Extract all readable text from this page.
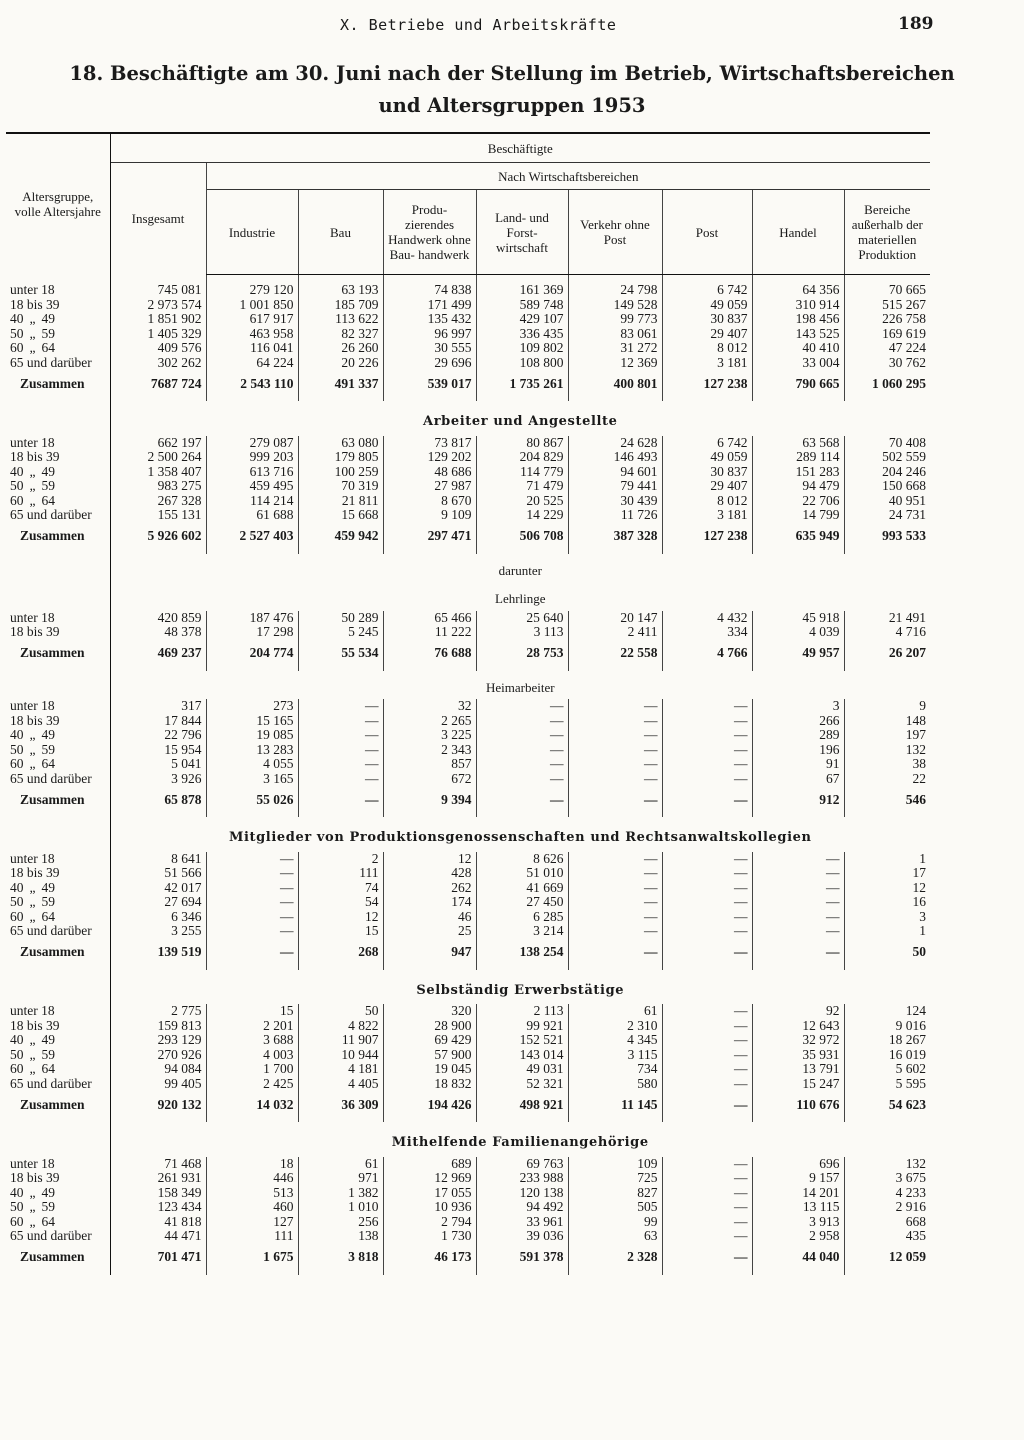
X. Betriebe und Arbeitskräfte	189
18. Beschäftigte am 30. Juni nach der Stellung im Betrieb, Wirtschaftsbereichen
und Altersgruppen 1953
Altersgruppe, volle Altersjahre	Beschäftigte								
	Insgesamt	Nach Wirtschaftsbereichen							
		Industrie	Bau	Produ- zierendes Handwerk ohne Bau- handwerk	Land- und Forst- wirtschaft	Verkehr ohne Post	Post	Handel	Bereiche außerhalb der materiellen Produktion

unter 18	745 081	279 120	63 193	74 838	161 369	24 798	6 742	64 356	70 665
18 bis 39	2 973 574	1 001 850	185 709	171 499	589 748	149 528	49 059	310 914	515 267
40 „ 49	1 851 902	617 917	113 622	135 432	429 107	99 773	30 837	198 456	226 758
50 „ 59	1 405 329	463 958	82 327	96 997	336 435	83 061	29 407	143 525	169 619
60 „ 64	409 576	116 041	26 260	30 555	109 802	31 272	8 012	40 410	47 224
65 und darüber	302 262	64 224	20 226	29 696	108 800	12 369	3 181	33 004	30 762
Zusammen	7687 724	2 543 110	491 337	539 017	1 735 261	400 801	127 238	790 665	1 060 295
	Arbeiter und Angestellte								
unter 18	662 197	279 087	63 080	73 817	80 867	24 628	6 742	63 568	70 408
18 bis 39	2 500 264	999 203	179 805	129 202	204 829	146 493	49 059	289 114	502 559
40 „ 49	1 358 407	613 716	100 259	48 686	114 779	94 601	30 837	151 283	204 246
50 „ 59	983 275	459 495	70 319	27 987	71 479	79 441	29 407	94 479	150 668
60 „ 64	267 328	114 214	21 811	8 670	20 525	30 439	8 012	22 706	40 951
65 und darüber	155 131	61 688	15 668	9 109	14 229	11 726	3 181	14 799	24 731
Zusammen	5 926 602	2 527 403	459 942	297 471	506 708	387 328	127 238	635 949	993 533
	darunter								
	Lehrlinge								
unter 18	420 859	187 476	50 289	65 466	25 640	20 147	4 432	45 918	21 491
18 bis 39	48 378	17 298	5 245	11 222	3 113	2 411	334	4 039	4 716
Zusammen	469 237	204 774	55 534	76 688	28 753	22 558	4 766	49 957	26 207
	Heimarbeiter								
unter 18	317	273	—	32	—	—	—	3	9
18 bis 39	17 844	15 165	—	2 265	—	—	—	266	148
40 „ 49	22 796	19 085	—	3 225	—	—	—	289	197
50 „ 59	15 954	13 283	—	2 343	—	—	—	196	132
60 „ 64	5 041	4 055	—	857	—	—	—	91	38
65 und darüber	3 926	3 165	—	672	—	—	—	67	22
Zusammen	65 878	55 026	—	9 394	—	—	—	912	546
	Mitglieder von Produktionsgenossenschaften und Rechtsanwaltskollegien								
unter 18	8 641	—	2	12	8 626	—	—	—	1
18 bis 39	51 566	—	111	428	51 010	—	—	—	17
40 „ 49	42 017	—	74	262	41 669	—	—	—	12
50 „ 59	27 694	—	54	174	27 450	—	—	—	16
60 „ 64	6 346	—	12	46	6 285	—	—	—	3
65 und darüber	3 255	—	15	25	3 214	—	—	—	1
Zusammen	139 519	—	268	947	138 254	—	—	—	50
	Selbständig Erwerbstätige								
unter 18	2 775	15	50	320	2 113	61	—	92	124
18 bis 39	159 813	2 201	4 822	28 900	99 921	2 310	—	12 643	9 016
40 „ 49	293 129	3 688	11 907	69 429	152 521	4 345	—	32 972	18 267
50 „ 59	270 926	4 003	10 944	57 900	143 014	3 115	—	35 931	16 019
60 „ 64	94 084	1 700	4 181	19 045	49 031	734	—	13 791	5 602
65 und darüber	99 405	2 425	4 405	18 832	52 321	580	—	15 247	5 595
Zusammen	920 132	14 032	36 309	194 426	498 921	11 145	—	110 676	54 623
	Mithelfende Familienangehörige								
unter 18	71 468	18	61	689	69 763	109	—	696	132
18 bis 39	261 931	446	971	12 969	233 988	725	—	9 157	3 675
40 „ 49	158 349	513	1 382	17 055	120 138	827	—	14 201	4 233
50 „ 59	123 434	460	1 010	10 936	94 492	505	—	13 115	2 916
60 „ 64	41 818	127	256	2 794	33 961	99	—	3 913	668
65 und darüber	44 471	111	138	1 730	39 036	63	—	2 958	435
Zusammen	701 471	1 675	3 818	46 173	591 378	2 328	—	44 040	12 059
